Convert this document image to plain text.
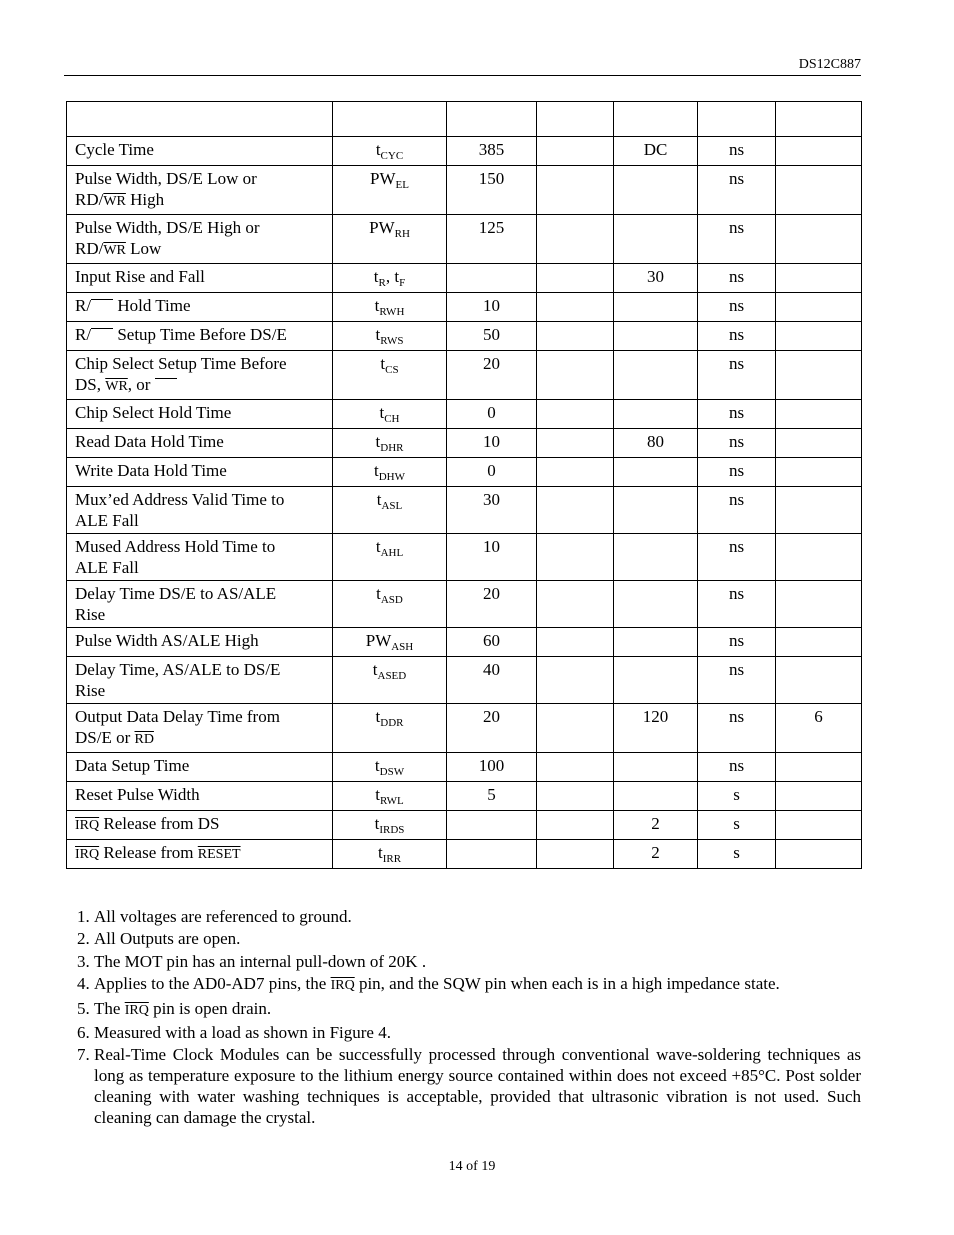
DS12C887

Cycle Time	$t_{CYC}$	385		DC	ns	
Pulse Width, DS/E Low or
$RD/\overline{WR}$ High	$PW_{EL}$	150			ns	
Pulse Width, DS/E High or
$RD/\overline{WR}$ Low	$PW_{RH}$	125			ns	
Input Rise and Fall	$t_R$, $t_F$			30	ns	
R/ Hold Time	$t_{RWH}$	10			ns	
R/ Setup Time Before DS/E	$t_{RWS}$	50			ns	
Chip Select Setup Time Before
DS, $\overline{WR}$, or	$t_{CS}$	20			ns	
Chip Select Hold Time	$t_{CH}$	0			ns	
Read Data Hold Time	$t_{DHR}$	10		80	ns	
Write Data Hold Time	$t_{DHW}$	0			ns	
Mux’ed Address Valid Time to
ALE Fall	$t_{ASL}$	30			ns	
Mused Address Hold Time to
ALE Fall	$t_{AHL}$	10			ns	
Delay Time DS/E to AS/ALE
Rise	$t_{ASD}$	20			ns	
Pulse Width AS/ALE High	$PW_{ASH}$	60			ns	
Delay Time, AS/ALE to DS/E
Rise	$t_{ASED}$	40			ns	
Output Data Delay Time from
DS/E or $\overline{RD}$	$t_{DDR}$	20		120	ns	6
Data Setup Time	$t_{DSW}$	100			ns	
Reset Pulse Width	$t_{RWL}$	5			s	
$\overline{IRQ}$ Release from DS	$t_{IRDS}$			2	s	
$\overline{IRQ}$ Release from RESET	$t_{IRR}$			2	s	
1. All voltages are referenced to ground.
2. All Outputs are open.
3. The MOT pin has an internal pull-down of 20K .
4. Applies to the AD0-AD7 pins, the $\overline{IRQ}$ pin, and the SQW pin when each is in a high impedance state.
5. The $\overline{IRQ}$ pin is open drain.
6. Measured with a load as shown in Figure 4.
7. Real-Time Clock Modules can be successfully processed through conventional wave-soldering techniques as long as temperature exposure to the lithium energy source contained within does not exceed +85°C. Post solder cleaning with water washing techniques is acceptable, provided that ultrasonic vibration is not used. Such cleaning can damage the crystal.
14 of 19
